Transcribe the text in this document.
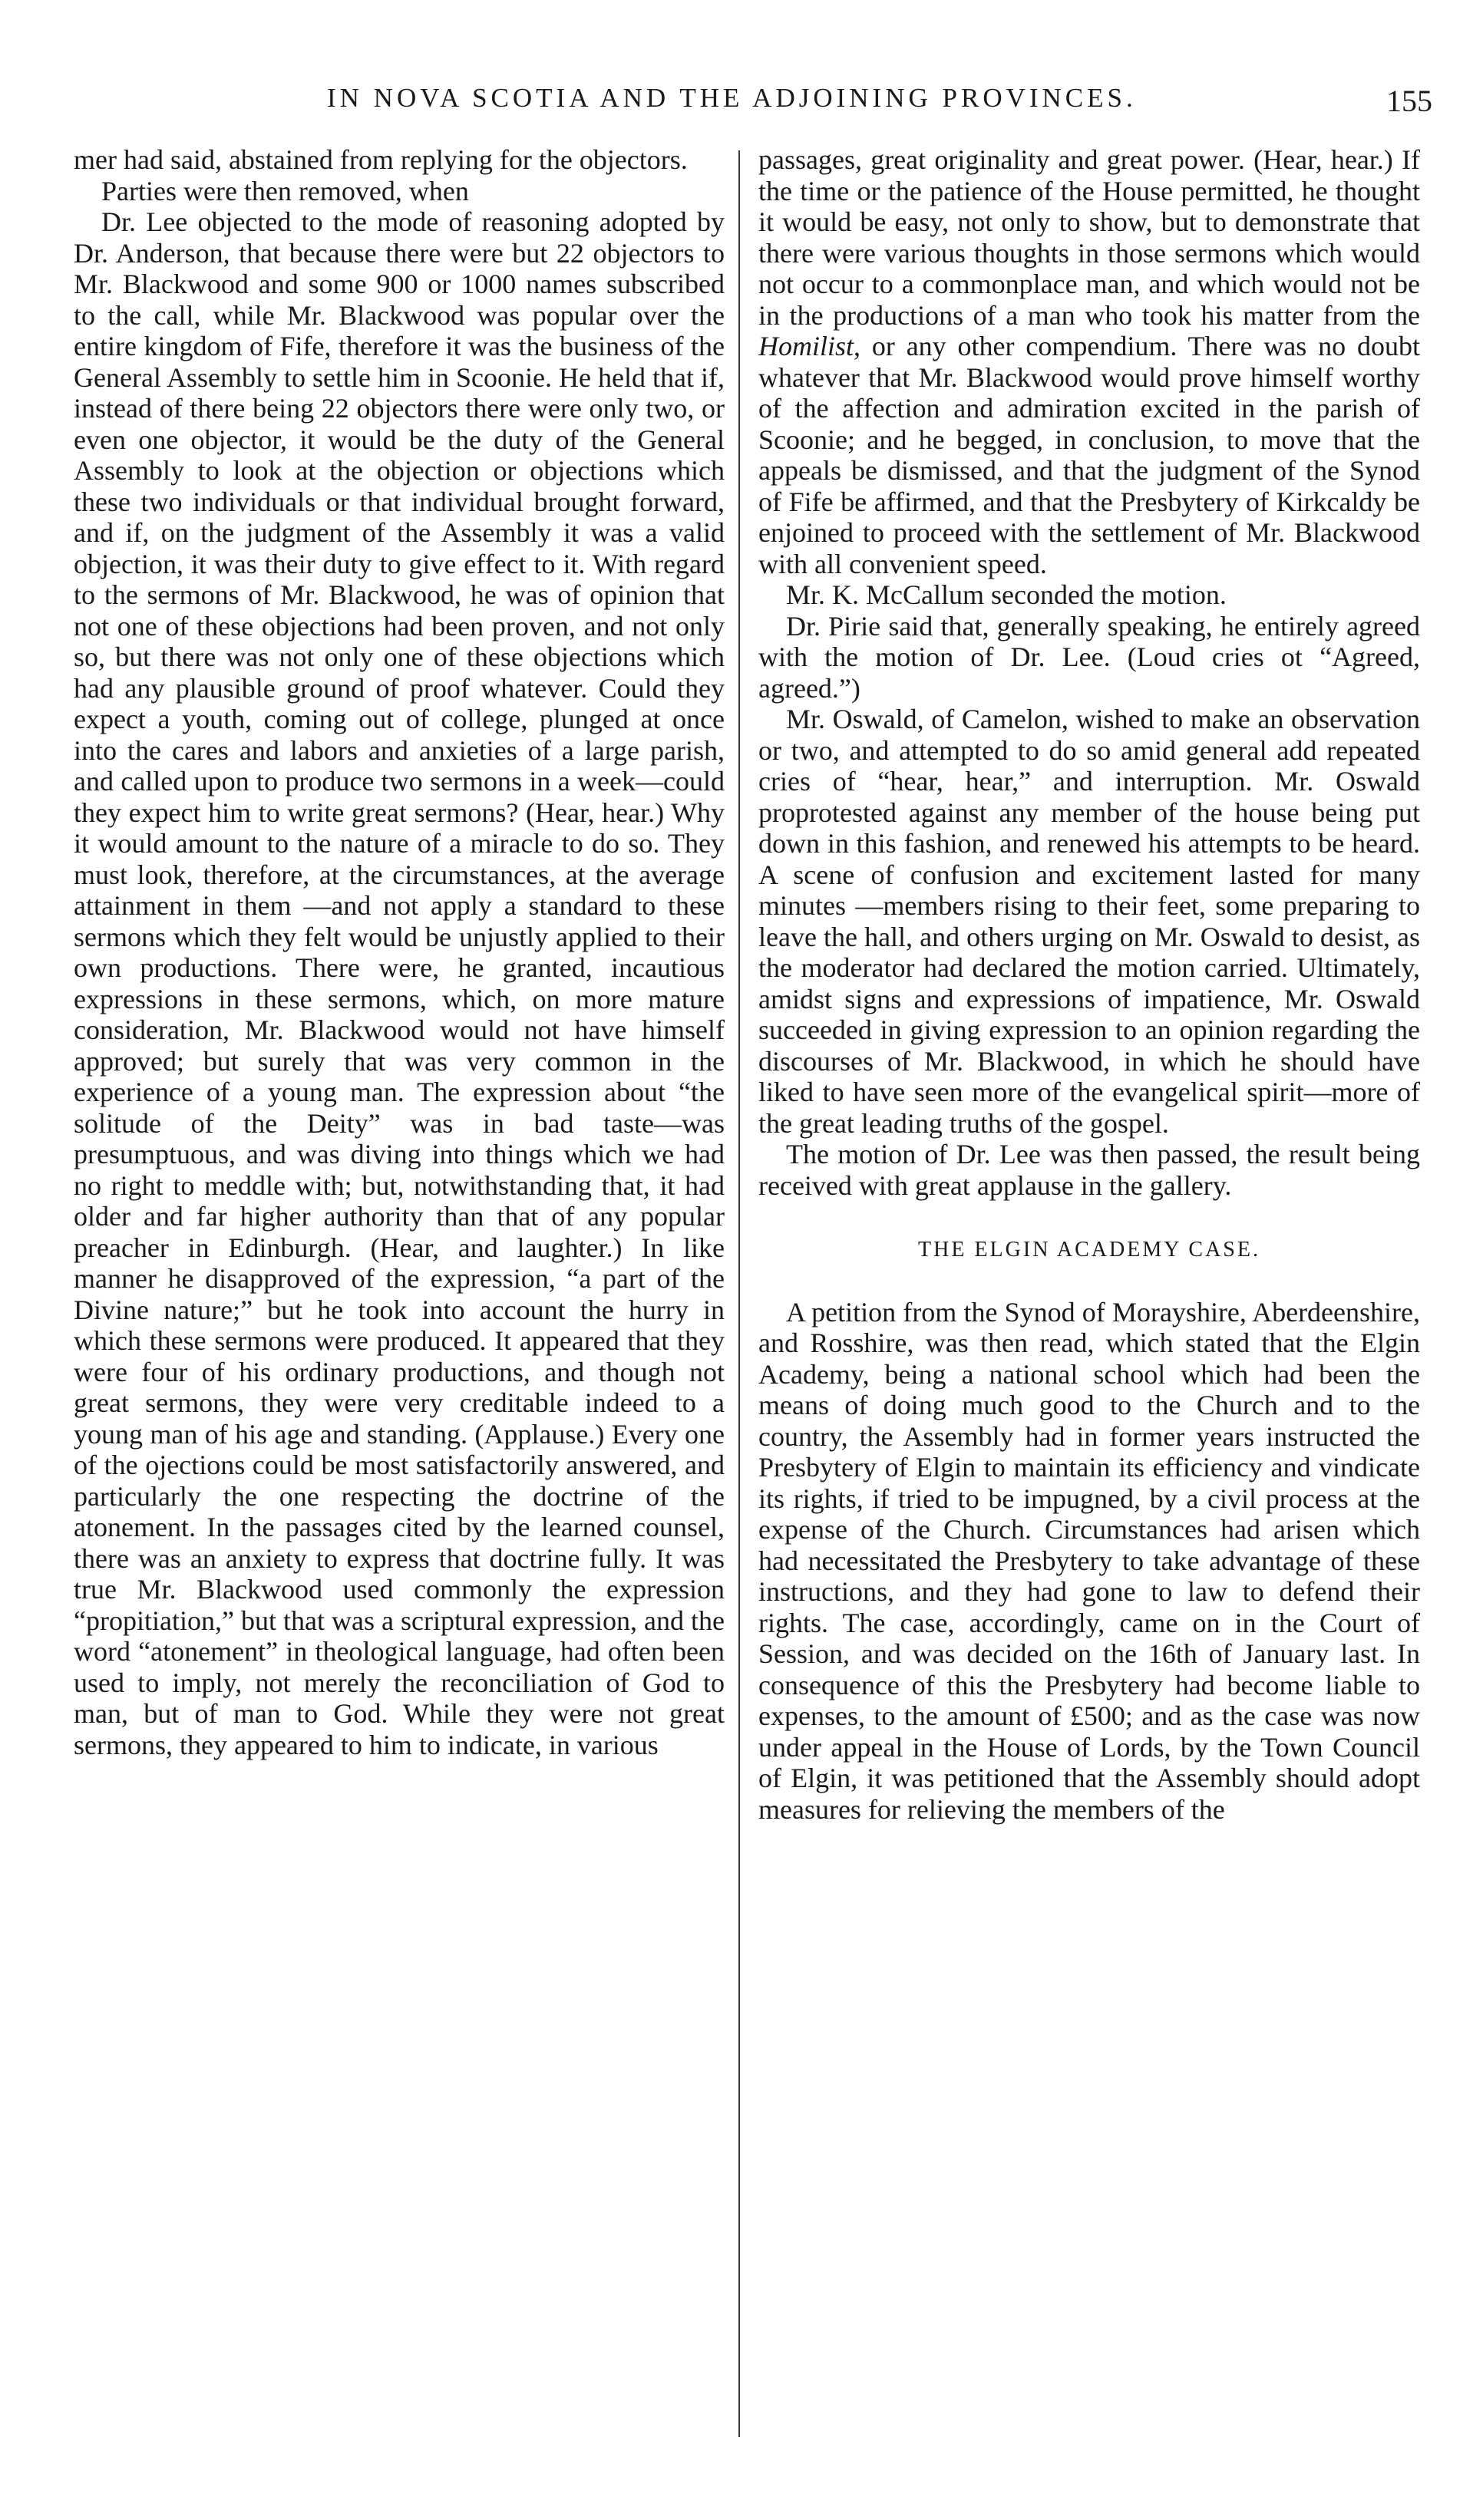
IN NOVA SCOTIA AND THE ADJOINING PROVINCES.	155

mer had said, abstained from replying for the objectors.

Parties were then removed, when

Dr. Lee objected to the mode of reasoning adopted by Dr. Anderson, that because there were but 22 objectors to Mr. Blackwood and some 900 or 1000 names subscribed to the call, while Mr. Blackwood was popular over the entire kingdom of Fife, therefore it was the business of the General Assembly to settle him in Scoonie. He held that if, instead of there being 22 objectors there were only two, or even one objector, it would be the duty of the General Assembly to look at the objection or objections which these two individuals or that individual brought forward, and if, on the judgment of the Assembly it was a valid objection, it was their duty to give effect to it. With regard to the sermons of Mr. Blackwood, he was of opinion that not one of these objections had been proven, and not only so, but there was not only one of these objections which had any plausible ground of proof whatever. Could they expect a youth, coming out of college, plunged at once into the cares and labors and anxieties of a large parish, and called upon to produce two sermons in a week—could they expect him to write great sermons? (Hear, hear.) Why it would amount to the nature of a miracle to do so. They must look, therefore, at the circumstances, at the average attainment in them —and not apply a standard to these sermons which they felt would be unjustly applied to their own productions. There were, he granted, incautious expressions in these sermons, which, on more mature consideration, Mr. Blackwood would not have himself approved; but surely that was very common in the experience of a young man. The expression about “the solitude of the Deity” was in bad taste—was presumptuous, and was diving into things which we had no right to meddle with; but, notwithstanding that, it had older and far higher authority than that of any popular preacher in Edinburgh. (Hear, and laughter.) In like manner he disapproved of the expression, “a part of the Divine nature;” but he took into account the hurry in which these sermons were produced. It appeared that they were four of his ordinary productions, and though not great sermons, they were very creditable indeed to a young man of his age and standing. (Applause.) Every one of the ojections could be most satisfactorily answered, and particularly the one respecting the doctrine of the atonement. In the passages cited by the learned counsel, there was an anxiety to express that doctrine fully. It was true Mr. Blackwood used commonly the expression “propitiation,” but that was a scriptural expression, and the word “atonement” in theological language, had often been used to imply, not merely the reconciliation of God to man, but of man to God. While they were not great sermons, they appeared to him to indicate, in various

passages, great originality and great power. (Hear, hear.) If the time or the patience of the House permitted, he thought it would be easy, not only to show, but to demonstrate that there were various thoughts in those sermons which would not occur to a commonplace man, and which would not be in the productions of a man who took his matter from the Homilist, or any other compendium. There was no doubt whatever that Mr. Blackwood would prove himself worthy of the affection and admiration excited in the parish of Scoonie; and he begged, in conclusion, to move that the appeals be dismissed, and that the judgment of the Synod of Fife be affirmed, and that the Presbytery of Kirkcaldy be enjoined to proceed with the settlement of Mr. Blackwood with all convenient speed.

Mr. K. McCallum seconded the motion.

Dr. Pirie said that, generally speaking, he entirely agreed with the motion of Dr. Lee. (Loud cries ot “Agreed, agreed.”)

Mr. Oswald, of Camelon, wished to make an observation or two, and attempted to do so amid general add repeated cries of “hear, hear,” and interruption. Mr. Oswald proprotested against any member of the house being put down in this fashion, and renewed his attempts to be heard. A scene of confusion and excitement lasted for many minutes —members rising to their feet, some preparing to leave the hall, and others urging on Mr. Oswald to desist, as the moderator had declared the motion carried. Ultimately, amidst signs and expressions of impatience, Mr. Oswald succeeded in giving expression to an opinion regarding the discourses of Mr. Blackwood, in which he should have liked to have seen more of the evangelical spirit—more of the great leading truths of the gospel.

The motion of Dr. Lee was then passed, the result being received with great applause in the gallery.

THE ELGIN ACADEMY CASE.

A petition from the Synod of Morayshire, Aberdeenshire, and Rosshire, was then read, which stated that the Elgin Academy, being a national school which had been the means of doing much good to the Church and to the country, the Assembly had in former years instructed the Presbytery of Elgin to maintain its efficiency and vindicate its rights, if tried to be impugned, by a civil process at the expense of the Church. Circumstances had arisen which had necessitated the Presbytery to take advantage of these instructions, and they had gone to law to defend their rights. The case, accordingly, came on in the Court of Session, and was decided on the 16th of January last. In consequence of this the Presbytery had become liable to expenses, to the amount of £500; and as the case was now under appeal in the House of Lords, by the Town Council of Elgin, it was petitioned that the Assembly should adopt measures for relieving the members of the
